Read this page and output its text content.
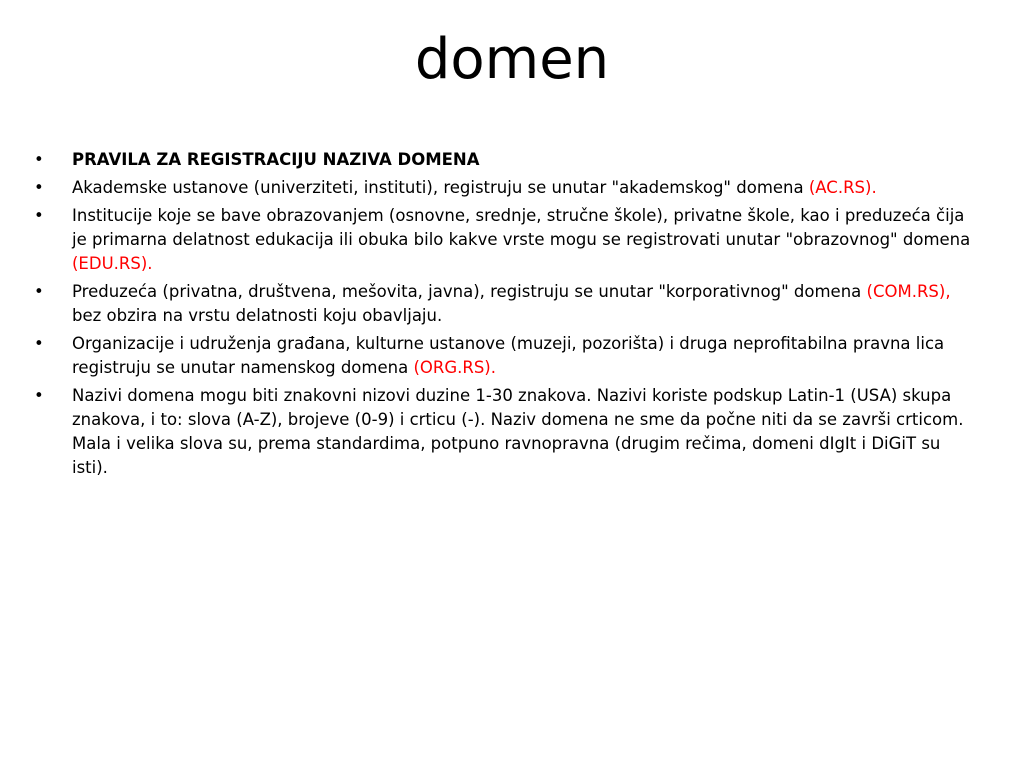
domen
• PRAVILA ZA REGISTRACIJU NAZIVA DOMENA
• Akademske ustanove (univerziteti, instituti), registruju se unutar "akademskog" domena (AC.RS).
• Institucije koje se bave obrazovanjem (osnovne, srednje, stručne škole), privatne škole, kao i preduzeća čija je primarna delatnost edukacija ili obuka bilo kakve vrste mogu se registrovati unutar "obrazovnog" domena (EDU.RS).
• Preduzeća (privatna, društvena, mešovita, javna), registruju se unutar "korporativnog" domena (COM.RS), bez obzira na vrstu delatnosti koju obavljaju.
• Organizacije i udruženja građana, kulturne ustanove (muzeji, pozorišta) i druga neprofitabilna pravna lica registruju se unutar namenskog domena (ORG.RS).
• Nazivi domena mogu biti znakovni nizovi duzine 1-30 znakova. Nazivi koriste podskup Latin-1 (USA) skupa znakova, i to: slova (A-Z), brojeve (0-9) i crticu (-). Naziv domena ne sme da počne niti da se završi crticom. Mala i velika slova su, prema standardima, potpuno ravnopravna (drugim rečima, domeni dIgIt i DiGiT su isti).
